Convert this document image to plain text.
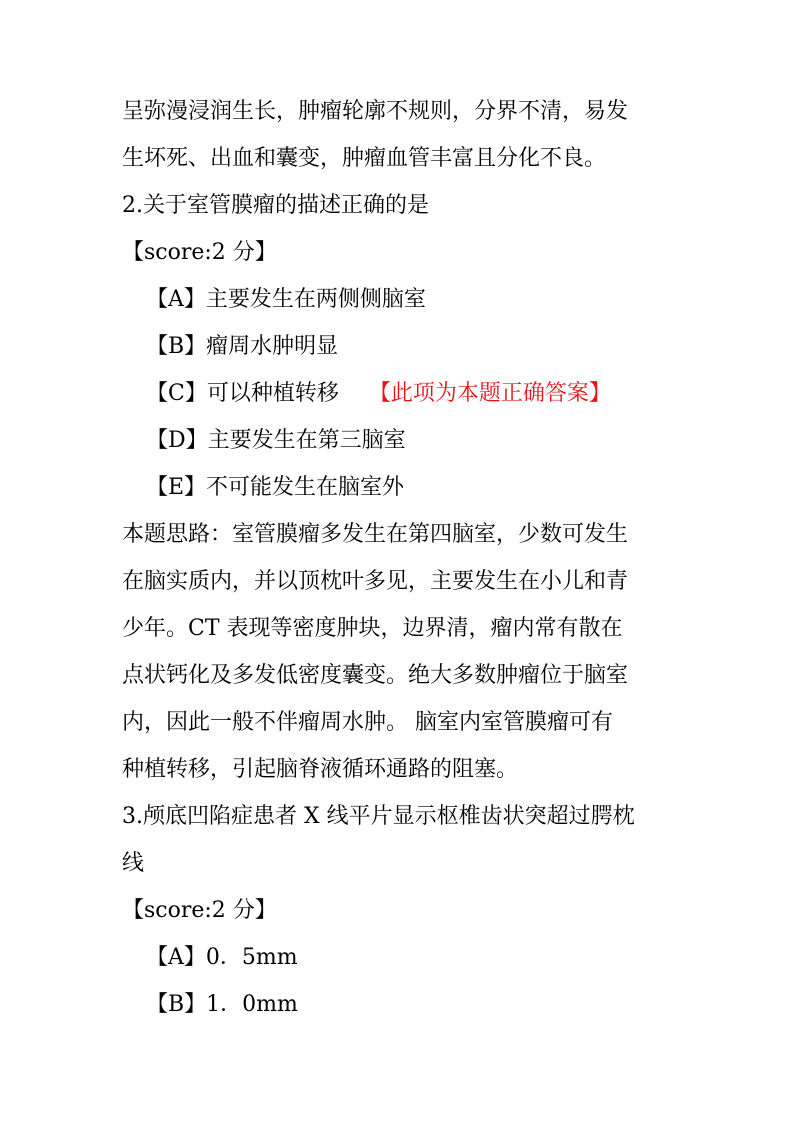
呈弥漫浸润生长，肿瘤轮廓不规则，分界不清，易发
生坏死、出血和囊变，肿瘤血管丰富且分化不良。
2.关于室管膜瘤的描述正确的是
【score:2 分】
【A】主要发生在两侧侧脑室
【B】瘤周水肿明显
【C】可以种植转移 【此项为本题正确答案】
【D】主要发生在第三脑室
【E】不可能发生在脑室外
本题思路：室管膜瘤多发生在第四脑室，少数可发生
在脑实质内，并以顶枕叶多见，主要发生在小儿和青
少年。CT 表现等密度肿块，边界清，瘤内常有散在
点状钙化及多发低密度囊变。绝大多数肿瘤位于脑室
内，因此一般不伴瘤周水肿。 脑室内室管膜瘤可有
种植转移，引起脑脊液循环通路的阻塞。
3.颅底凹陷症患者 X 线平片显示枢椎齿状突超过腭枕
线
【score:2 分】
【A】0．5mm
【B】1．0mm
